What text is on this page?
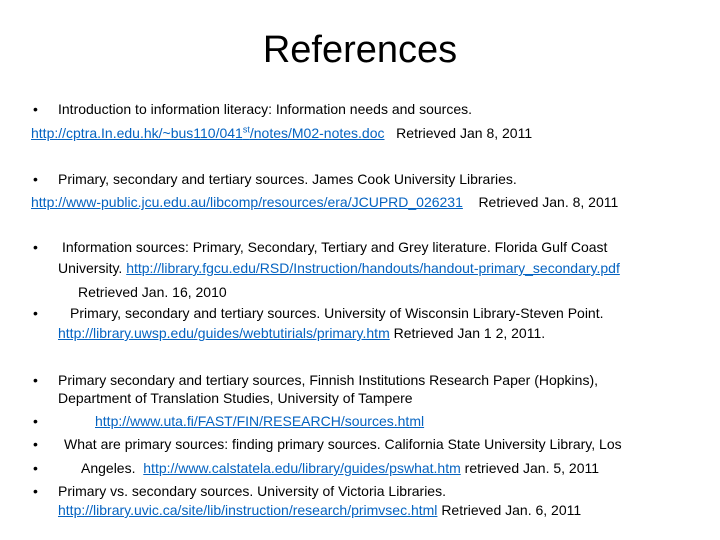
References
• Introduction to information literacy: Information needs and sources.
http://cptra.In.edu.hk/~bus110/041st/notes/M02-notes.doc Retrieved Jan 8, 2011
• Primary, secondary and tertiary sources. James Cook University Libraries.
http://www-public.jcu.edu.au/libcomp/resources/era/JCUPRD_026231 Retrieved Jan. 8, 2011
• Information sources: Primary, Secondary, Tertiary and Grey literature. Florida Gulf Coast
University. http://library.fgcu.edu/RSD/Instruction/handouts/handout-primary_secondary.pdf
Retrieved Jan. 16, 2010
• Primary, secondary and tertiary sources. University of Wisconsin Library-Steven Point.
http://library.uwsp.edu/guides/webtutirials/primary.htm Retrieved Jan 1 2, 2011.
• Primary secondary and tertiary sources, Finnish Institutions Research Paper (Hopkins),
Department of Translation Studies, University of Tampere
•	http://www.uta.fi/FAST/FIN/RESEARCH/sources.html
• What are primary sources: finding primary sources. California State University Library, Los
•	Angeles. http://www.calstatela.edu/library/guides/pswhat.htm retrieved Jan. 5, 2011
• Primary vs. secondary sources. University of Victoria Libraries.
http://library.uvic.ca/site/lib/instruction/research/primvsec.html Retrieved Jan. 6, 2011
